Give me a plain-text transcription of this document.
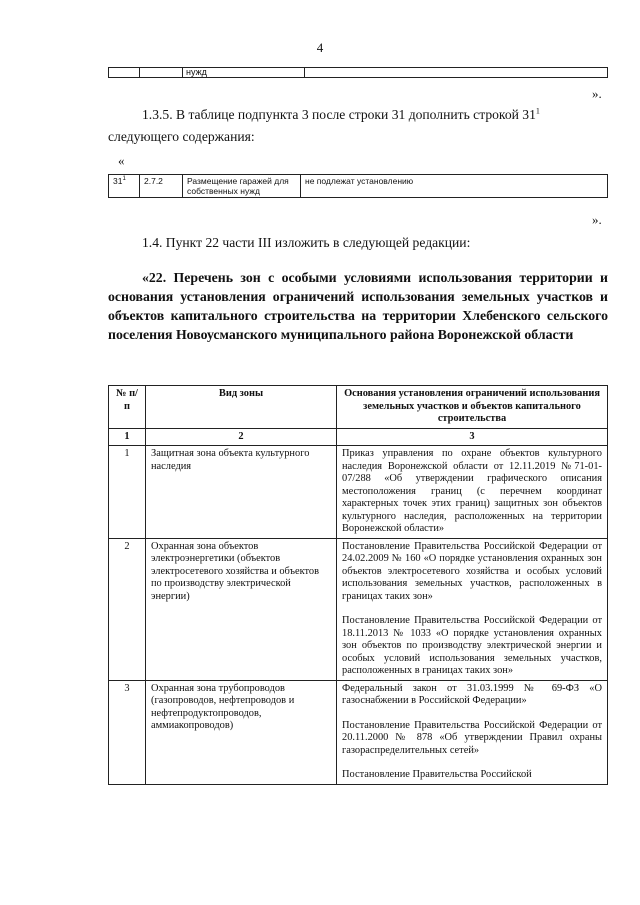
4
		нужд	
».
1.3.5. В таблице подпункта 3 после строки 31 дополнить строкой $31^1$
следующего содержания:
«
$31^1$	2.7.2	Размещение гаражей для собственных нужд	не подлежат установлению
».
1.4. Пункт 22 части III изложить в следующей редакции:

«22. Перечень зон с особыми условиями использования территории и основания установления ограничений использования земельных участков и объектов капитального строительства на территории Хлебенского сельского поселения Новоусманского муниципального района Воронежской области

№ п/п	Вид зоны	Основания установления ограничений использования земельных участков и объектов капитального строительства
1	2	3
1	Защитная зона объекта культурного наследия	Приказ управления по охране объектов культурного наследия Воронежской области от 12.11.2019 №71-01-07/288 «Об утверждении графического описания местоположения границ (с перечнем координат характерных точек этих границ) защитных зон объектов культурного наследия, расположенных на территории Воронежской области»

2	Охранная зона объектов электроэнергетики (объектов электросетевого хозяйства и объектов по производству электрической энергии)	Постановление Правительства Российской Федерации от 24.02.2009 № 160 «О порядке установления охранных зон объектов электросетевого хозяйства и особых условий использования земельных участков, расположенных в границах таких зон»

Постановление Правительства Российской Федерации от 18.11.2013 № 1033 «О порядке установления охранных зон объектов по производству электрической энергии и особых условий использования земельных участков, расположенных в границах таких зон»

3	Охранная зона трубопроводов (газопроводов, нефтепроводов и нефтепродуктопроводов, аммиакопроводов)	Федеральный закон от 31.03.1999 № 69-ФЗ «О газоснабжении в Российской Федерации»

Постановление Правительства Российской Федерации от 20.11.2000 № 878 «Об утверждении Правил охраны газораспределительных сетей»

Постановление Правительства Российской
